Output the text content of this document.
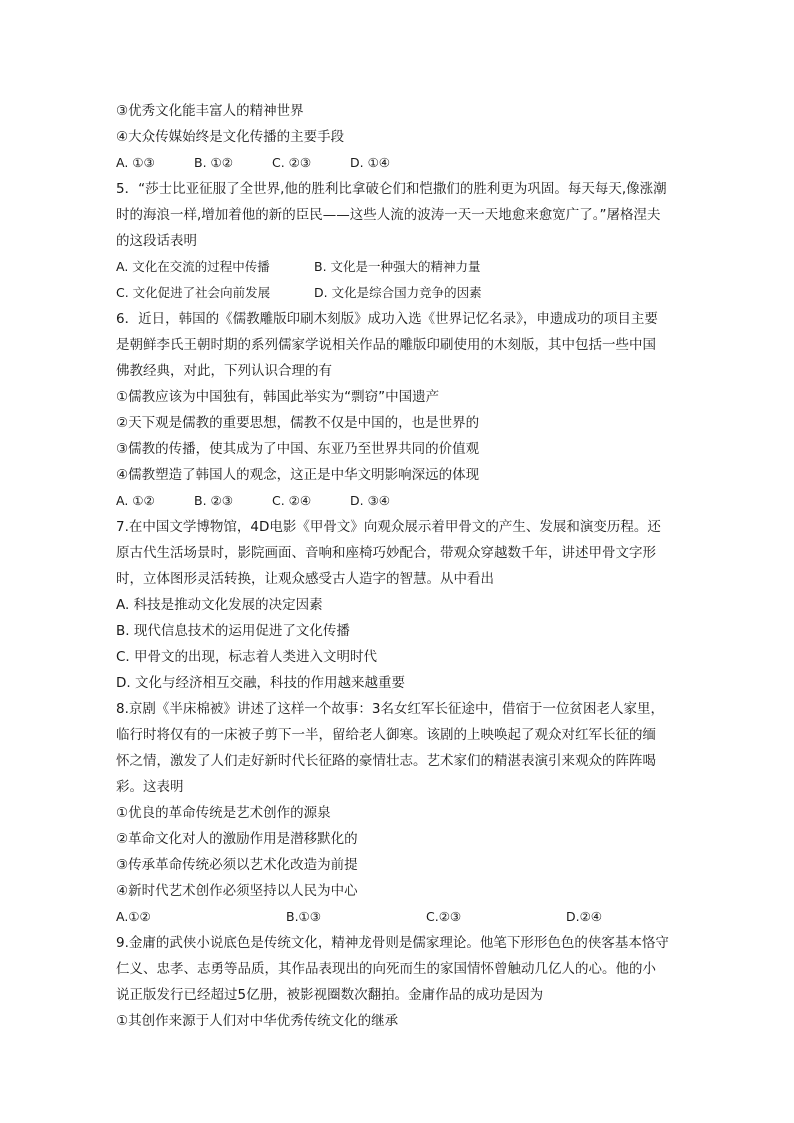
③优秀文化能丰富人的精神世界
④大众传媒始终是文化传播的主要手段
A. ①③	B. ①②	C. ②③	D. ①④
5．“莎士比亚征服了全世界,他的胜利比拿破仑们和恺撒们的胜利更为巩固。每天每天,像涨潮
时的海浪一样,增加着他的新的臣民——这些人流的波涛一天一天地愈来愈宽广了。”屠格涅夫
的这段话表明
A. 文化在交流的过程中传播	B. 文化是一种强大的精神力量
C. 文化促进了社会向前发展	D. 文化是综合国力竞争的因素
6．近日，韩国的《儒教雕版印刷木刻版》成功入选《世界记忆名录》，申遗成功的项目主要
是朝鲜李氏王朝时期的系列儒家学说相关作品的雕版印刷使用的木刻版，其中包括一些中国
佛教经典，对此，下列认识合理的有
①儒教应该为中国独有，韩国此举实为“剽窃”中国遗产
②天下观是儒教的重要思想，儒教不仅是中国的，也是世界的
③儒教的传播，使其成为了中国、东亚乃至世界共同的价值观
④儒教塑造了韩国人的观念，这正是中华文明影响深远的体现
A. ①②	B. ②③	C. ②④	D. ③④
7.在中国文学博物馆，4D电影《甲骨文》向观众展示着甲骨文的产生、发展和演变历程。还
原古代生活场景时，影院画面、音响和座椅巧妙配合，带观众穿越数千年，讲述甲骨文字形
时，立体图形灵活转换，让观众感受古人造字的智慧。从中看出
A. 科技是推动文化发展的决定因素
B. 现代信息技术的运用促进了文化传播
C. 甲骨文的出现，标志着人类进入文明时代
D. 文化与经济相互交融，科技的作用越来越重要
8.京剧《半床棉被》讲述了这样一个故事：3名女红军长征途中，借宿于一位贫困老人家里，
临行时将仅有的一床被子剪下一半，留给老人御寒。该剧的上映唤起了观众对红军长征的缅
怀之情，激发了人们走好新时代长征路的豪情壮志。艺术家们的精湛表演引来观众的阵阵喝
彩。这表明
①优良的革命传统是艺术创作的源泉
②革命文化对人的激励作用是潜移默化的
③传承革命传统必须以艺术化改造为前提
④新时代艺术创作必须坚持以人民为中心
A.①②	B.①③	C.②③	D.②④
9.金庸的武侠小说底色是传统文化，精神龙骨则是儒家理论。他笔下形形色色的侠客基本恪守
仁义、忠孝、志勇等品质，其作品表现出的向死而生的家国情怀曾触动几亿人的心。他的小
说正版发行已经超过5亿册，被影视圈数次翻拍。金庸作品的成功是因为
①其创作来源于人们对中华优秀传统文化的继承
